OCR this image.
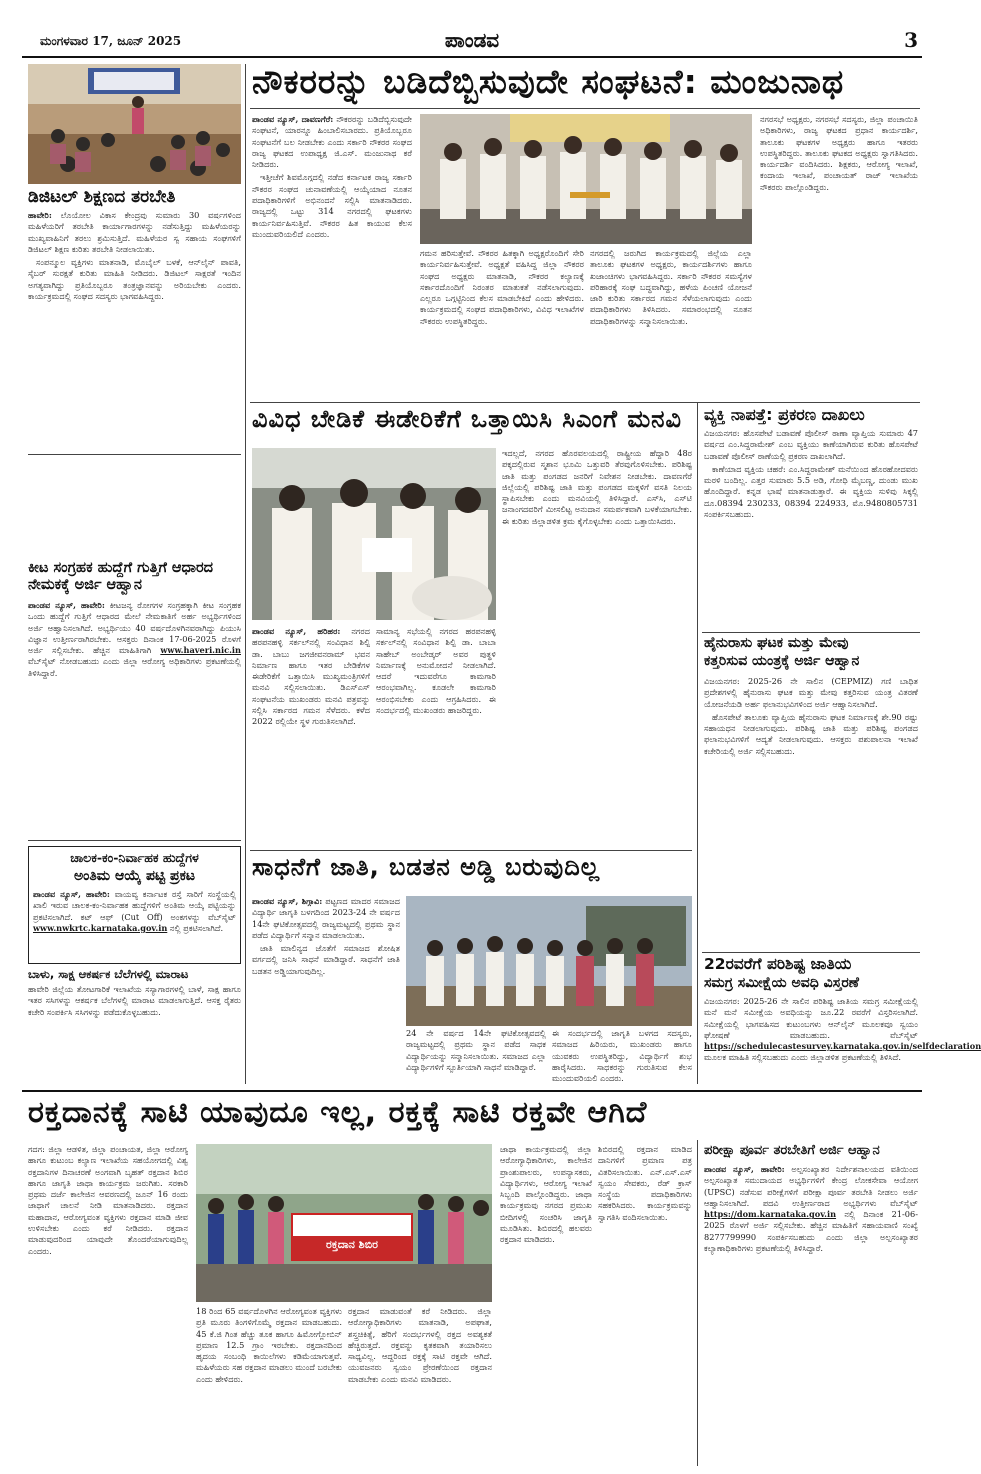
ಮಂಗಳವಾರ 17, ಜೂನ್ 2025	ಪಾಂಡವ	3
ಡಿಜಿಟಲ್ ಶಿಕ್ಷಣದ ತರಬೇತಿ

ಹಾವೇರಿ: ಲೊಯೋಲ ವಿಕಾಸ ಕೇಂದ್ರವು ಸುಮಾರು 30 ವರ್ಷಗಳಿಂದ ಮಹಿಳೆಯರಿಗೆ ತರಬೇತಿ ಕಾರ್ಯಾಗಾರಗಳನ್ನು ನಡೆಸುತ್ತಿದ್ದು ಮಹಿಳೆಯರನ್ನು ಮುಖ್ಯವಾಹಿನಿಗೆ ತರಲು ಶ್ರಮಿಸುತ್ತಿದೆ. ಮಹಿಳೆಯರ ಸ್ವ ಸಹಾಯ ಸಂಘಗಳಿಗೆ ಡಿಜಿಟಲ್ ಶಿಕ್ಷಣ ಕುರಿತು ತರಬೇತಿ ನೀಡಲಾಯಿತು.

ಸಂಪನ್ಮೂಲ ವ್ಯಕ್ತಿಗಳು ಮಾತನಾಡಿ, ಮೊಬೈಲ್ ಬಳಕೆ, ಆನ್‌ಲೈನ್ ಪಾವತಿ, ಸೈಬರ್ ಸುರಕ್ಷತೆ ಕುರಿತು ಮಾಹಿತಿ ನೀಡಿದರು. ಡಿಜಿಟಲ್ ಸಾಕ್ಷರತೆ ಇಂದಿನ ಅಗತ್ಯವಾಗಿದ್ದು ಪ್ರತಿಯೊಬ್ಬರೂ ತಂತ್ರಜ್ಞಾನವನ್ನು ಅರಿಯಬೇಕು ಎಂದರು. ಕಾರ್ಯಕ್ರಮದಲ್ಲಿ ಸಂಘದ ಸದಸ್ಯರು ಭಾಗವಹಿಸಿದ್ದರು.

ಕೀಟ ಸಂಗ್ರಹಕ ಹುದ್ದೆಗೆ ಗುತ್ತಿಗೆ ಆಧಾರದ ನೇಮಕಕ್ಕೆ ಅರ್ಜಿ ಆಹ್ವಾನ

ಪಾಂಡವ ನ್ಯೂಸ್, ಹಾವೇರಿ: ಕೀಟಜನ್ಯ ರೋಗಗಳ ಸಂಗ್ರಹಕ್ಕಾಗಿ ಕೀಟ ಸಂಗ್ರಹಕ ಒಂದು ಹುದ್ದೆಗೆ ಗುತ್ತಿಗೆ ಆಧಾರದ ಮೇಲೆ ನೇಮಕಾತಿಗೆ ಅರ್ಹ ಅಭ್ಯರ್ಥಿಗಳಿಂದ ಅರ್ಜಿ ಆಹ್ವಾನಿಸಲಾಗಿದೆ. ಅಭ್ಯರ್ಥಿಯು 40 ವರ್ಷದೊಳಗಿನವರಾಗಿದ್ದು ಪಿಯುಸಿ ವಿಜ್ಞಾನ ಉತ್ತೀರ್ಣರಾಗಿರಬೇಕು. ಆಸಕ್ತರು ದಿನಾಂಕ 17-06-2025 ರೊಳಗೆ ಅರ್ಜಿ ಸಲ್ಲಿಸಬೇಕು. ಹೆಚ್ಚಿನ ಮಾಹಿತಿಗಾಗಿ www.haveri.nic.in ವೆಬ್‌ಸೈಟ್ ನೋಡಬಹುದು ಎಂದು ಜಿಲ್ಲಾ ಆರೋಗ್ಯ ಅಧಿಕಾರಿಗಳು ಪ್ರಕಟಣೆಯಲ್ಲಿ ತಿಳಿಸಿದ್ದಾರೆ.

ಚಾಲಕ-ಕಂ-ನಿರ್ವಾಹಕ ಹುದ್ದೆಗಳ
ಅಂತಿಮ ಆಯ್ಕೆ ಪಟ್ಟಿ ಪ್ರಕಟ

ಪಾಂಡವ ನ್ಯೂಸ್, ಹಾವೇರಿ: ವಾಯವ್ಯ ಕರ್ನಾಟಕ ರಸ್ತೆ ಸಾರಿಗೆ ಸಂಸ್ಥೆಯಲ್ಲಿ ಖಾಲಿ ಇರುವ ಚಾಲಕ-ಕಂ-ನಿರ್ವಾಹಕ ಹುದ್ದೆಗಳಿಗೆ ಅಂತಿಮ ಆಯ್ಕೆ ಪಟ್ಟಿಯನ್ನು ಪ್ರಕಟಿಸಲಾಗಿದೆ. ಕಟ್ ಆಫ್ (Cut Off) ಅಂಕಗಳನ್ನು ವೆಬ್‌ಸೈಟ್ www.nwkrtc.karnataka.gov.in ನಲ್ಲಿ ಪ್ರಕಟಿಸಲಾಗಿದೆ.

ಬಾಳು, ಸಾಕ್ಷ ಆಕರ್ಷಕ ಬೆಲೆಗಳಲ್ಲಿ ಮಾರಾಟ

ಹಾವೇರಿ ಜಿಲ್ಲೆಯ ತೋಟಗಾರಿಕೆ ಇಲಾಖೆಯ ಸಸ್ಯಾಗಾರಗಳಲ್ಲಿ ಬಾಳೆ, ಸಾಕ್ಷ ಹಾಗೂ ಇತರ ಸಸಿಗಳನ್ನು ಆಕರ್ಷಕ ಬೆಲೆಗಳಲ್ಲಿ ಮಾರಾಟ ಮಾಡಲಾಗುತ್ತಿದೆ. ಆಸಕ್ತ ರೈತರು ಕಚೇರಿ ಸಂಪರ್ಕಿಸಿ ಸಸಿಗಳನ್ನು ಪಡೆದುಕೊಳ್ಳಬಹುದು.

ನೌಕರರನ್ನು ಬಡಿದೆಬ್ಬಿಸುವುದೇ ಸಂಘಟನೆ: ಮಂಜುನಾಥ

ಪಾಂಡವ ನ್ಯೂಸ್, ದಾವಣಗೆರೆ: ನೌಕರರನ್ನು ಬಡಿದೆಬ್ಬಿಸುವುದೇ ಸಂಘಟನೆ, ಯಾರನ್ನೂ ಹಿಂಬಾಲಿಸಬಾರದು. ಪ್ರತಿಯೊಬ್ಬರೂ ಸಂಘಟನೆಗೆ ಬಲ ನೀಡಬೇಕು ಎಂದು ಸರ್ಕಾರಿ ನೌಕರರ ಸಂಘದ ರಾಜ್ಯ ಘಟಕದ ಉಪಾಧ್ಯಕ್ಷ ಜಿ.ಎಸ್. ಮಂಜುನಾಥ ಕರೆ ನೀಡಿದರು.

ಇತ್ತೀಚೆಗೆ ಶಿವಮೊಗ್ಗದಲ್ಲಿ ನಡೆದ ಕರ್ನಾಟಕ ರಾಜ್ಯ ಸರ್ಕಾರಿ ನೌಕರರ ಸಂಘದ ಚುನಾವಣೆಯಲ್ಲಿ ಆಯ್ಕೆಯಾದ ನೂತನ ಪದಾಧಿಕಾರಿಗಳಿಗೆ ಅಭಿನಂದನೆ ಸಲ್ಲಿಸಿ ಮಾತನಾಡಿದರು. ರಾಜ್ಯದಲ್ಲಿ ಒಟ್ಟು 314 ನಗರದಲ್ಲಿ ಘಟಕಗಳು ಕಾರ್ಯನಿರ್ವಹಿಸುತ್ತಿವೆ. ನೌಕರರ ಹಿತ ಕಾಯುವ ಕೆಲಸ ಮುಂದುವರಿಯಲಿದೆ ಎಂದರು.

ಗಮನ ಹರಿಸುತ್ತೇವೆ. ನೌಕರರ ಹಿತಕ್ಕಾಗಿ ಅಧ್ಯಕ್ಷರೊಂದಿಗೆ ಸೇರಿ ಕಾರ್ಯನಿರ್ವಹಿಸುತ್ತೇವೆ. ಅಧ್ಯಕ್ಷತೆ ವಹಿಸಿದ್ದ ಜಿಲ್ಲಾ ನೌಕರರ ಸಂಘದ ಅಧ್ಯಕ್ಷರು ಮಾತನಾಡಿ, ನೌಕರರ ಕಲ್ಯಾಣಕ್ಕೆ ಸರ್ಕಾರದೊಂದಿಗೆ ನಿರಂತರ ಮಾತುಕತೆ ನಡೆಸಲಾಗುವುದು. ಎಲ್ಲರೂ ಒಗ್ಗಟ್ಟಿನಿಂದ ಕೆಲಸ ಮಾಡಬೇಕಿದೆ ಎಂದು ಹೇಳಿದರು. ಕಾರ್ಯಕ್ರಮದಲ್ಲಿ ಸಂಘದ ಪದಾಧಿಕಾರಿಗಳು, ವಿವಿಧ ಇಲಾಖೆಗಳ ನೌಕರರು ಉಪಸ್ಥಿತರಿದ್ದರು.

ನಗರದಲ್ಲಿ ಜರುಗಿದ ಕಾರ್ಯಕ್ರಮದಲ್ಲಿ ಜಿಲ್ಲೆಯ ಎಲ್ಲಾ ತಾಲೂಕು ಘಟಕಗಳ ಅಧ್ಯಕ್ಷರು, ಕಾರ್ಯದರ್ಶಿಗಳು ಹಾಗೂ ಖಜಾಂಚಿಗಳು ಭಾಗವಹಿಸಿದ್ದರು. ಸರ್ಕಾರಿ ನೌಕರರ ಸಮಸ್ಯೆಗಳ ಪರಿಹಾರಕ್ಕೆ ಸಂಘ ಬದ್ಧವಾಗಿದ್ದು, ಹಳೆಯ ಪಿಂಚಣಿ ಯೋಜನೆ ಜಾರಿ ಕುರಿತು ಸರ್ಕಾರದ ಗಮನ ಸೆಳೆಯಲಾಗುವುದು ಎಂದು ಪದಾಧಿಕಾರಿಗಳು ತಿಳಿಸಿದರು. ಸಮಾರಂಭದಲ್ಲಿ ನೂತನ ಪದಾಧಿಕಾರಿಗಳನ್ನು ಸನ್ಮಾನಿಸಲಾಯಿತು.

ನಗರಸಭೆ ಅಧ್ಯಕ್ಷರು, ನಗರಸಭೆ ಸದಸ್ಯರು, ಜಿಲ್ಲಾ ಪಂಚಾಯಿತಿ ಅಧಿಕಾರಿಗಳು, ರಾಜ್ಯ ಘಟಕದ ಪ್ರಧಾನ ಕಾರ್ಯದರ್ಶಿ, ತಾಲೂಕು ಘಟಕಗಳ ಅಧ್ಯಕ್ಷರು ಹಾಗೂ ಇತರರು ಉಪಸ್ಥಿತರಿದ್ದರು. ತಾಲೂಕು ಘಟಕದ ಅಧ್ಯಕ್ಷರು ಸ್ವಾಗತಿಸಿದರು. ಕಾರ್ಯದರ್ಶಿ ವಂದಿಸಿದರು. ಶಿಕ್ಷಕರು, ಆರೋಗ್ಯ ಇಲಾಖೆ, ಕಂದಾಯ ಇಲಾಖೆ, ಪಂಚಾಯತ್ ರಾಜ್ ಇಲಾಖೆಯ ನೌಕರರು ಪಾಲ್ಗೊಂಡಿದ್ದರು.

ವಿವಿಧ ಬೇಡಿಕೆ ಈಡೇರಿಕೆಗೆ ಒತ್ತಾಯಿಸಿ ಸಿಎಂಗೆ ಮನವಿ

ಪಾಂಡವ ನ್ಯೂಸ್, ಹರಿಹರ: ನಗರದ ಹರಪನಹಳ್ಳಿ ಸರ್ಕಲ್‌ನಲ್ಲಿ ಸಂವಿಧಾನ ಶಿಲ್ಪಿ ಡಾ. ಬಾಬು ಜಗಜೀವನರಾಮ್ ಭವನ ನಿರ್ಮಾಣ ಹಾಗೂ ಇತರ ಬೇಡಿಕೆಗಳ ಈಡೇರಿಕೆಗೆ ಒತ್ತಾಯಿಸಿ ಮುಖ್ಯಮಂತ್ರಿಗಳಿಗೆ ಮನವಿ ಸಲ್ಲಿಸಲಾಯಿತು. ಡಿಎಸ್‌ಎಸ್ ಸಂಘಟನೆಯ ಮುಖಂಡರು ಮನವಿ ಪತ್ರವನ್ನು ಸಲ್ಲಿಸಿ ಸರ್ಕಾರದ ಗಮನ ಸೆಳೆದರು. ಕಳೆದ 2022 ರಲ್ಲಿಯೇ ಸ್ಥಳ ಗುರುತಿಸಲಾಗಿದೆ.

ಸಾಮಾನ್ಯ ಸಭೆಯಲ್ಲಿ ನಗರದ ಹರಪನಹಳ್ಳಿ ಸರ್ಕಲ್‌ನಲ್ಲಿ ಸಂವಿಧಾನ ಶಿಲ್ಪಿ ಡಾ. ಬಾಬಾ ಸಾಹೇಬ್ ಅಂಬೇಡ್ಕರ್ ಅವರ ಪುತ್ಥಳಿ ನಿರ್ಮಾಣಕ್ಕೆ ಅನುಮೋದನೆ ನೀಡಲಾಗಿದೆ. ಆದರೆ ಇದುವರೆಗೂ ಕಾಮಗಾರಿ ಆರಂಭವಾಗಿಲ್ಲ. ಕೂಡಲೇ ಕಾಮಗಾರಿ ಆರಂಭಿಸಬೇಕು ಎಂದು ಆಗ್ರಹಿಸಿದರು. ಈ ಸಂದರ್ಭದಲ್ಲಿ ಮುಖಂಡರು ಹಾಜರಿದ್ದರು.

ಇದಲ್ಲದೆ, ನಗರದ ಹೊರವಲಯದಲ್ಲಿ ರಾಷ್ಟ್ರೀಯ ಹೆದ್ದಾರಿ 48ರ ಪಕ್ಕದಲ್ಲಿರುವ ಸ್ಮಶಾನ ಭೂಮಿ ಒತ್ತುವರಿ ತೆರವುಗೊಳಿಸಬೇಕು. ಪರಿಶಿಷ್ಟ ಜಾತಿ ಮತ್ತು ಪಂಗಡದ ಜನರಿಗೆ ನಿವೇಶನ ನೀಡಬೇಕು. ದಾವಣಗೆರೆ ಜಿಲ್ಲೆಯಲ್ಲಿ ಪರಿಶಿಷ್ಟ ಜಾತಿ ಮತ್ತು ಪಂಗಡದ ಮಕ್ಕಳಿಗೆ ವಸತಿ ನಿಲಯ ಸ್ಥಾಪಿಸಬೇಕು ಎಂದು ಮನವಿಯಲ್ಲಿ ತಿಳಿಸಿದ್ದಾರೆ. ಎಸ್‌ಸಿ, ಎಸ್‌ಟಿ ಜನಾಂಗದವರಿಗೆ ಮೀಸಲಿಟ್ಟ ಅನುದಾನ ಸಮರ್ಪಕವಾಗಿ ಬಳಕೆಯಾಗಬೇಕು. ಈ ಕುರಿತು ಜಿಲ್ಲಾಡಳಿತ ಕ್ರಮ ಕೈಗೊಳ್ಳಬೇಕು ಎಂದು ಒತ್ತಾಯಿಸಿದರು.

ಸಾಧನೆಗೆ ಜಾತಿ, ಬಡತನ ಅಡ್ಡಿ ಬರುವುದಿಲ್ಲ

ಪಾಂಡವ ನ್ಯೂಸ್, ಶಿಗ್ಗಾವಿ: ಪಟ್ಟಣದ ಮಾದರ ಸಮಾಜದ ವಿದ್ಯಾರ್ಥಿ ಜಾಗೃತಿ ಬಳಗದಿಂದ 2023-24 ನೇ ವರ್ಷದ 14ನೇ ಘಟಿಕೋತ್ಸವದಲ್ಲಿ ರಾಜ್ಯಮಟ್ಟದಲ್ಲಿ ಪ್ರಥಮ ಸ್ಥಾನ ಪಡೆದ ವಿದ್ಯಾರ್ಥಿಗೆ ಸನ್ಮಾನ ಮಾಡಲಾಯಿತು.

ಜಾತಿ ಮಾಲಿನ್ಯದ ಜೊತೆಗೆ ಸಮಾಜದ ಶೋಷಿತ ವರ್ಗದಲ್ಲಿ ಜನಿಸಿ ಸಾಧನೆ ಮಾಡಿದ್ದಾರೆ. ಸಾಧನೆಗೆ ಜಾತಿ ಬಡತನ ಅಡ್ಡಿಯಾಗುವುದಿಲ್ಲ.

24 ನೇ ವರ್ಷದ 14ನೇ ಘಟಿಕೋತ್ಸವದಲ್ಲಿ ರಾಜ್ಯಮಟ್ಟದಲ್ಲಿ ಪ್ರಥಮ ಸ್ಥಾನ ಪಡೆದ ಸಾಧಕ ವಿದ್ಯಾರ್ಥಿಯನ್ನು ಸನ್ಮಾನಿಸಲಾಯಿತು. ಸಮಾಜದ ಎಲ್ಲಾ ವಿದ್ಯಾರ್ಥಿಗಳಿಗೆ ಸ್ಪೂರ್ತಿಯಾಗಿ ಸಾಧನೆ ಮಾಡಿದ್ದಾರೆ.

ಈ ಸಂದರ್ಭದಲ್ಲಿ ಜಾಗೃತಿ ಬಳಗದ ಸದಸ್ಯರು, ಸಮಾಜದ ಹಿರಿಯರು, ಮುಖಂಡರು ಹಾಗೂ ಯುವಕರು ಉಪಸ್ಥಿತರಿದ್ದು, ವಿದ್ಯಾರ್ಥಿಗೆ ಶುಭ ಹಾರೈಸಿದರು. ಸಾಧಕರನ್ನು ಗುರುತಿಸುವ ಕೆಲಸ ಮುಂದುವರಿಯಲಿ ಎಂದರು.

ವ್ಯಕ್ತಿ ನಾಪತ್ತೆ: ಪ್ರಕರಣ ದಾಖಲು

ವಿಜಯನಗರ: ಹೊಸಪೇಟೆ ಬಡಾವಣೆ ಪೊಲೀಸ್ ಠಾಣಾ ವ್ಯಾಪ್ತಿಯ ಸುಮಾರು 47 ವರ್ಷದ ಎಂ.ಸಿದ್ದರಾಮೇಶ್ ಎಂಬ ವ್ಯಕ್ತಿಯು ಕಾಣೆಯಾಗಿರುವ ಕುರಿತು ಹೊಸಪೇಟೆ ಬಡಾವಣೆ ಪೊಲೀಸ್ ಠಾಣೆಯಲ್ಲಿ ಪ್ರಕರಣ ದಾಖಲಾಗಿದೆ.

ಕಾಣೆಯಾದ ವ್ಯಕ್ತಿಯ ಚಹರೆ: ಎಂ.ಸಿದ್ದರಾಮೇಶ್ ಮನೆಯಿಂದ ಹೊರಹೋದವರು ಮರಳಿ ಬಂದಿಲ್ಲ. ಎತ್ತರ ಸುಮಾರು 5.5 ಅಡಿ, ಗೋಧಿ ಮೈಬಣ್ಣ, ದುಂಡು ಮುಖ ಹೊಂದಿದ್ದಾರೆ. ಕನ್ನಡ ಭಾಷೆ ಮಾತನಾಡುತ್ತಾರೆ. ಈ ವ್ಯಕ್ತಿಯ ಸುಳಿವು ಸಿಕ್ಕಲ್ಲಿ ದೂ.08394 230233, 08394 224933, ಮೊ.9480805731 ಸಂಪರ್ಕಿಸಬಹುದು.

ಹೈನುರಾಸು ಘಟಕ ಮತ್ತು ಮೇವು
ಕತ್ತರಿಸುವ ಯಂತ್ರಕ್ಕೆ ಅರ್ಜಿ ಆಹ್ವಾನ

ವಿಜಯನಗರ: 2025-26 ನೇ ಸಾಲಿನ (CEPMIZ) ಗಣಿ ಬಾಧಿತ ಪ್ರದೇಶಗಳಲ್ಲಿ ಹೈನುರಾಸು ಘಟಕ ಮತ್ತು ಮೇವು ಕತ್ತರಿಸುವ ಯಂತ್ರ ವಿತರಣೆ ಯೋಜನೆಯಡಿ ಅರ್ಹ ಫಲಾನುಭವಿಗಳಿಂದ ಅರ್ಜಿ ಆಹ್ವಾನಿಸಲಾಗಿದೆ.

ಹೊಸಪೇಟೆ ತಾಲೂಕು ವ್ಯಾಪ್ತಿಯ ಹೈನುರಾಸು ಘಟಕ ನಿರ್ಮಾಣಕ್ಕೆ ಶೇ.90 ರಷ್ಟು ಸಹಾಯಧನ ನೀಡಲಾಗುವುದು. ಪರಿಶಿಷ್ಟ ಜಾತಿ ಮತ್ತು ಪರಿಶಿಷ್ಟ ಪಂಗಡದ ಫಲಾನುಭವಿಗಳಿಗೆ ಆದ್ಯತೆ ನೀಡಲಾಗುವುದು. ಆಸಕ್ತರು ಪಶುಪಾಲನಾ ಇಲಾಖೆ ಕಚೇರಿಯಲ್ಲಿ ಅರ್ಜಿ ಸಲ್ಲಿಸಬಹುದು.

22ರವರೆಗೆ ಪರಿಶಿಷ್ಟ ಜಾತಿಯ
ಸಮಗ್ರ ಸಮೀಕ್ಷೆಯ ಅವಧಿ ವಿಸ್ತರಣೆ

ವಿಜಯನಗರ: 2025-26 ನೇ ಸಾಲಿನ ಪರಿಶಿಷ್ಟ ಜಾತಿಯ ಸಮಗ್ರ ಸಮೀಕ್ಷೆಯಲ್ಲಿ ಮನೆ ಮನೆ ಸಮೀಕ್ಷೆಯ ಅವಧಿಯನ್ನು ಜೂ.22 ರವರೆಗೆ ವಿಸ್ತರಿಸಲಾಗಿದೆ. ಸಮೀಕ್ಷೆಯಲ್ಲಿ ಭಾಗವಹಿಸದ ಕುಟುಂಬಗಳು ಆನ್‌ಲೈನ್ ಮೂಲಕವೂ ಸ್ವಯಂ ಘೋಷಣೆ ಮಾಡಬಹುದು. ವೆಬ್‌ಸೈಟ್ https://schedulecastesurvey.karnataka.gov.in/selfdeclaration ಮೂಲಕ ಮಾಹಿತಿ ಸಲ್ಲಿಸಬಹುದು ಎಂದು ಜಿಲ್ಲಾಡಳಿತ ಪ್ರಕಟಣೆಯಲ್ಲಿ ತಿಳಿಸಿದೆ.

ರಕ್ತದಾನಕ್ಕೆ ಸಾಟಿ ಯಾವುದೂ ಇಲ್ಲ, ರಕ್ತಕ್ಕೆ ಸಾಟಿ ರಕ್ತವೇ ಆಗಿದೆ

ಗದಗ: ಜಿಲ್ಲಾ ಆಡಳಿತ, ಜಿಲ್ಲಾ ಪಂಚಾಯತ, ಜಿಲ್ಲಾ ಆರೋಗ್ಯ ಹಾಗೂ ಕುಟುಂಬ ಕಲ್ಯಾಣ ಇಲಾಖೆಯ ಸಹಯೋಗದಲ್ಲಿ ವಿಶ್ವ ರಕ್ತದಾನಿಗಳ ದಿನಾಚರಣೆ ಅಂಗವಾಗಿ ಬೃಹತ್ ರಕ್ತದಾನ ಶಿಬಿರ ಹಾಗೂ ಜಾಗೃತಿ ಜಾಥಾ ಕಾರ್ಯಕ್ರಮ ಜರುಗಿತು. ಸರಕಾರಿ ಪ್ರಥಮ ದರ್ಜೆ ಕಾಲೇಜಿನ ಆವರಣದಲ್ಲಿ ಜೂನ್ 16 ರಂದು ಜಾಥಾಗೆ ಚಾಲನೆ ನೀಡಿ ಮಾತನಾಡಿದರು. ರಕ್ತದಾನ ಮಹಾದಾನ, ಆರೋಗ್ಯವಂತ ವ್ಯಕ್ತಿಗಳು ರಕ್ತದಾನ ಮಾಡಿ ಜೀವ ಉಳಿಸಬೇಕು ಎಂದು ಕರೆ ನೀಡಿದರು. ರಕ್ತದಾನ ಮಾಡುವುದರಿಂದ ಯಾವುದೇ ತೊಂದರೆಯಾಗುವುದಿಲ್ಲ ಎಂದರು.	ರಕ್ತದಾನ ಶಿಬಿರ

18 ರಿಂದ 65 ವರ್ಷದೊಳಗಿನ ಆರೋಗ್ಯವಂತ ವ್ಯಕ್ತಿಗಳು ಪ್ರತಿ ಮೂರು ತಿಂಗಳಿಗೊಮ್ಮೆ ರಕ್ತದಾನ ಮಾಡಬಹುದು. 45 ಕೆ.ಜಿ ಗಿಂತ ಹೆಚ್ಚು ತೂಕ ಹಾಗೂ ಹಿಮೋಗ್ಲೋಬಿನ್ ಪ್ರಮಾಣ 12.5 ಗ್ರಾಂ ಇರಬೇಕು. ರಕ್ತದಾನದಿಂದ ಹೃದಯ ಸಂಬಂಧಿ ಕಾಯಿಲೆಗಳು ಕಡಿಮೆಯಾಗುತ್ತವೆ. ಮಹಿಳೆಯರು ಸಹ ರಕ್ತದಾನ ಮಾಡಲು ಮುಂದೆ ಬರಬೇಕು ಎಂದು ಹೇಳಿದರು.

ರಕ್ತದಾನ ಮಾಡುವಂತೆ ಕರೆ ನೀಡಿದರು. ಜಿಲ್ಲಾ ಆರೋಗ್ಯಾಧಿಕಾರಿಗಳು ಮಾತನಾಡಿ, ಅಪಘಾತ, ಶಸ್ತ್ರಚಿಕಿತ್ಸೆ, ಹೆರಿಗೆ ಸಂದರ್ಭಗಳಲ್ಲಿ ರಕ್ತದ ಅವಶ್ಯಕತೆ ಹೆಚ್ಚಿರುತ್ತದೆ. ರಕ್ತವನ್ನು ಕೃತಕವಾಗಿ ತಯಾರಿಸಲು ಸಾಧ್ಯವಿಲ್ಲ. ಆದ್ದರಿಂದ ರಕ್ತಕ್ಕೆ ಸಾಟಿ ರಕ್ತವೇ ಆಗಿದೆ. ಯುವಜನರು ಸ್ವಯಂ ಪ್ರೇರಣೆಯಿಂದ ರಕ್ತದಾನ ಮಾಡಬೇಕು ಎಂದು ಮನವಿ ಮಾಡಿದರು.

ಜಾಥಾ ಕಾರ್ಯಕ್ರಮದಲ್ಲಿ ಜಿಲ್ಲಾ ಆರೋಗ್ಯಾಧಿಕಾರಿಗಳು, ಕಾಲೇಜಿನ ಪ್ರಾಂಶುಪಾಲರು, ಉಪನ್ಯಾಸಕರು, ವಿದ್ಯಾರ್ಥಿಗಳು, ಆರೋಗ್ಯ ಇಲಾಖೆ ಸಿಬ್ಬಂದಿ ಪಾಲ್ಗೊಂಡಿದ್ದರು. ಜಾಥಾ ಕಾರ್ಯಕ್ರಮವು ನಗರದ ಪ್ರಮುಖ ಬೀದಿಗಳಲ್ಲಿ ಸಂಚರಿಸಿ ಜಾಗೃತಿ ಮೂಡಿಸಿತು. ಶಿಬಿರದಲ್ಲಿ ಹಲವರು ರಕ್ತದಾನ ಮಾಡಿದರು.

ಶಿಬಿರದಲ್ಲಿ ರಕ್ತದಾನ ಮಾಡಿದ ದಾನಿಗಳಿಗೆ ಪ್ರಮಾಣ ಪತ್ರ ವಿತರಿಸಲಾಯಿತು. ಎನ್.ಎಸ್.ಎಸ್ ಸ್ವಯಂ ಸೇವಕರು, ರೆಡ್ ಕ್ರಾಸ್ ಸಂಸ್ಥೆಯ ಪದಾಧಿಕಾರಿಗಳು ಸಹಕರಿಸಿದರು. ಕಾರ್ಯಕ್ರಮವನ್ನು ಸ್ವಾಗತಿಸಿ ವಂದಿಸಲಾಯಿತು.

ಪರೀಕ್ಷಾ ಪೂರ್ವ ತರಬೇತಿಗೆ ಅರ್ಜಿ ಆಹ್ವಾನ

ಪಾಂಡವ ನ್ಯೂಸ್, ಹಾವೇರಿ: ಅಲ್ಪಸಂಖ್ಯಾತರ ನಿರ್ದೇಶನಾಲಯದ ವತಿಯಿಂದ ಅಲ್ಪಸಂಖ್ಯಾತ ಸಮುದಾಯದ ಅಭ್ಯರ್ಥಿಗಳಿಗೆ ಕೇಂದ್ರ ಲೋಕಸೇವಾ ಆಯೋಗ (UPSC) ನಡೆಸುವ ಪರೀಕ್ಷೆಗಳಿಗೆ ಪರೀಕ್ಷಾ ಪೂರ್ವ ತರಬೇತಿ ನೀಡಲು ಅರ್ಜಿ ಆಹ್ವಾನಿಸಲಾಗಿದೆ. ಪದವಿ ಉತ್ತೀರ್ಣರಾದ ಅಭ್ಯರ್ಥಿಗಳು ವೆಬ್‌ಸೈಟ್ https://dom.karnataka.gov.in ನಲ್ಲಿ ದಿನಾಂಕ 21-06-2025 ರೊಳಗೆ ಅರ್ಜಿ ಸಲ್ಲಿಸಬೇಕು. ಹೆಚ್ಚಿನ ಮಾಹಿತಿಗೆ ಸಹಾಯವಾಣಿ ಸಂಖ್ಯೆ 8277799990 ಸಂಪರ್ಕಿಸಬಹುದು ಎಂದು ಜಿಲ್ಲಾ ಅಲ್ಪಸಂಖ್ಯಾತರ ಕಲ್ಯಾಣಾಧಿಕಾರಿಗಳು ಪ್ರಕಟಣೆಯಲ್ಲಿ ತಿಳಿಸಿದ್ದಾರೆ.
